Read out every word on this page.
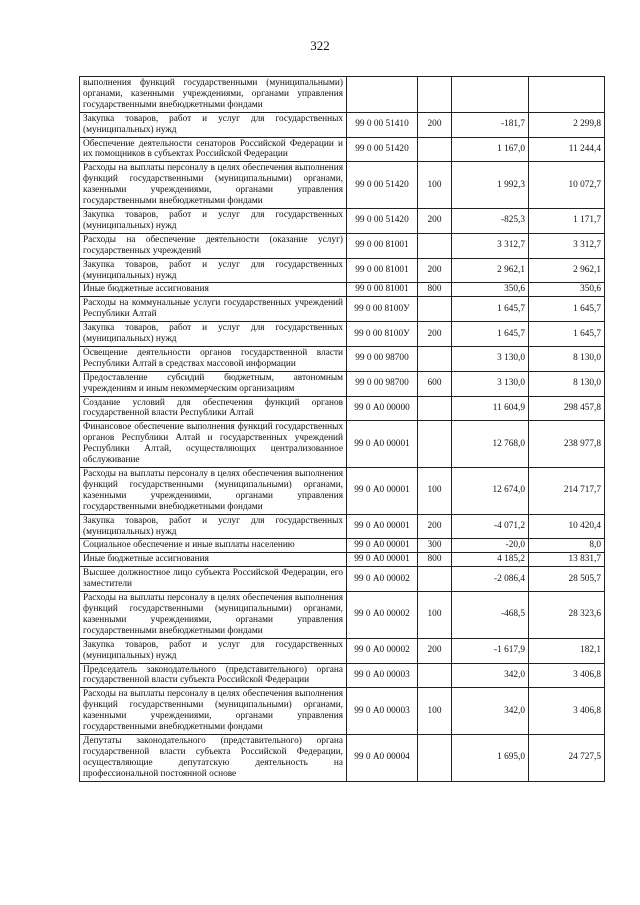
322
выполнения функций государственными (муниципальными) органами, казенными учреждениями, органами управления государственными внебюджетными фондами				
Закупка товаров, работ и услуг для государственных (муниципальных) нужд	99 0 00 51410	200	-181,7	2 299,8
Обеспечение деятельности сенаторов Российской Федерации и их помощников в субъектах Российской Федерации	99 0 00 51420		1 167,0	11 244,4
Расходы на выплаты персоналу в целях обеспечения выполнения функций государственными (муниципальными) органами, казенными учреждениями, органами управления государственными внебюджетными фондами	99 0 00 51420	100	1 992,3	10 072,7
Закупка товаров, работ и услуг для государственных (муниципальных) нужд	99 0 00 51420	200	-825,3	1 171,7
Расходы на обеспечение деятельности (оказание услуг) государственных учреждений	99 0 00 81001		3 312,7	3 312,7
Закупка товаров, работ и услуг для государственных (муниципальных) нужд	99 0 00 81001	200	2 962,1	2 962,1
Иные бюджетные ассигнования	99 0 00 81001	800	350,6	350,6
Расходы на коммунальные услуги государственных учреждений Республики Алтай	99 0 00 8100У		1 645,7	1 645,7
Закупка товаров, работ и услуг для государственных (муниципальных) нужд	99 0 00 8100У	200	1 645,7	1 645,7
Освещение деятельности органов государственной власти Республики Алтай в средствах массовой информации	99 0 00 98700		3 130,0	8 130,0
Предоставление субсидий бюджетным, автономным учреждениям и иным некоммерческим организациям	99 0 00 98700	600	3 130,0	8 130,0
Создание условий для обеспечения функций органов государственной власти Республики Алтай	99 0 А0 00000		11 604,9	298 457,8
Финансовое обеспечение выполнения функций государственных органов Республики Алтай и государственных учреждений Республики Алтай, осуществляющих централизованное обслуживание	99 0 А0 00001		12 768,0	238 977,8
Расходы на выплаты персоналу в целях обеспечения выполнения функций государственными (муниципальными) органами, казенными учреждениями, органами управления государственными внебюджетными фондами	99 0 А0 00001	100	12 674,0	214 717,7
Закупка товаров, работ и услуг для государственных (муниципальных) нужд	99 0 А0 00001	200	-4 071,2	10 420,4
Социальное обеспечение и иные выплаты населению	99 0 А0 00001	300	-20,0	8,0
Иные бюджетные ассигнования	99 0 А0 00001	800	4 185,2	13 831,7
Высшее должностное лицо субъекта Российской Федерации, его заместители	99 0 А0 00002		-2 086,4	28 505,7
Расходы на выплаты персоналу в целях обеспечения выполнения функций государственными (муниципальными) органами, казенными учреждениями, органами управления государственными внебюджетными фондами	99 0 А0 00002	100	-468,5	28 323,6
Закупка товаров, работ и услуг для государственных (муниципальных) нужд	99 0 А0 00002	200	-1 617,9	182,1
Председатель законодательного (представительного) органа государственной власти субъекта Российской Федерации	99 0 А0 00003		342,0	3 406,8
Расходы на выплаты персоналу в целях обеспечения выполнения функций государственными (муниципальными) органами, казенными учреждениями, органами управления государственными внебюджетными фондами	99 0 А0 00003	100	342,0	3 406,8
Депутаты законодательного (представительного) органа государственной власти субъекта Российской Федерации, осуществляющие депутатскую деятельность на профессиональной постоянной основе	99 0 А0 00004		1 695,0	24 727,5
